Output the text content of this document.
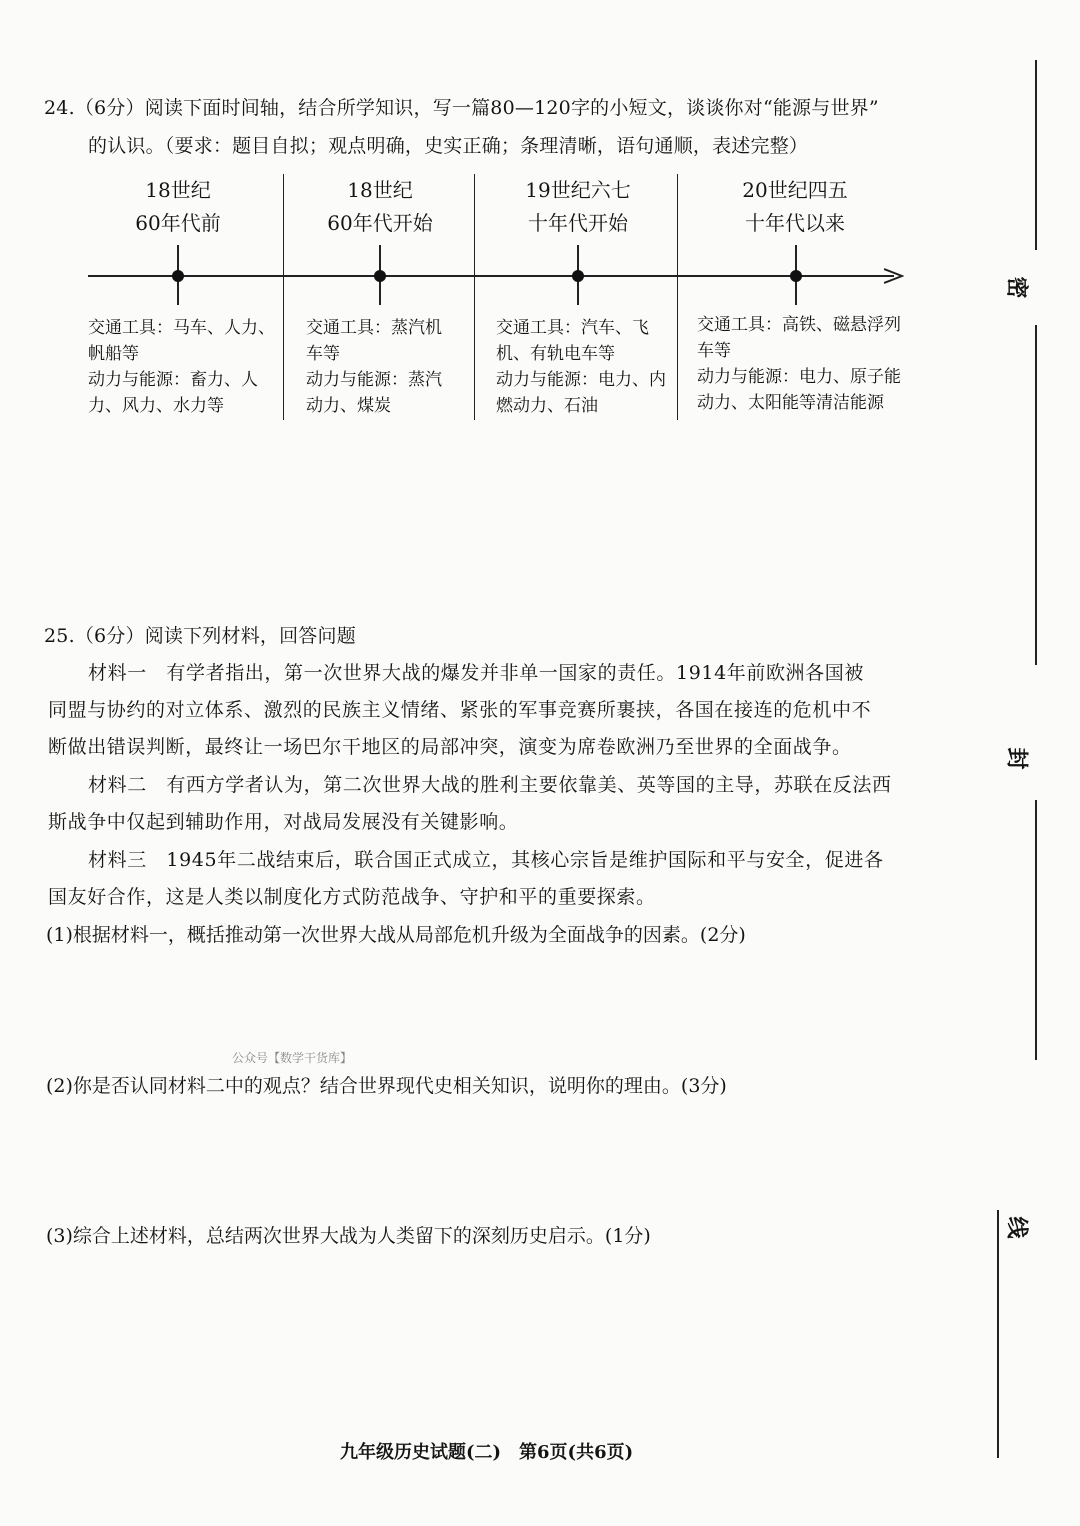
24.（6分）阅读下面时间轴，结合所学知识，写一篇80—120字的小短文，谈谈你对“能源与世界”
的认识。（要求：题目自拟；观点明确，史实正确；条理清晰，语句通顺，表述完整）
18世纪
60年代前
交通工具：马车、人力、
帆船等
动力与能源：畜力、人
力、风力、水力等
18世纪
60年代开始
交通工具：蒸汽机
车等
动力与能源：蒸汽
动力、煤炭
19世纪六七
十年代开始
交通工具：汽车、飞
机、有轨电车等
动力与能源：电力、内
燃动力、石油
20世纪四五
十年代以来
交通工具：高铁、磁悬浮列
车等
动力与能源：电力、原子能
动力、太阳能等清洁能源
25.（6分）阅读下列材料，回答问题
材料一　有学者指出，第一次世界大战的爆发并非单一国家的责任。1914年前欧洲各国被
同盟与协约的对立体系、激烈的民族主义情绪、紧张的军事竞赛所裹挟，各国在接连的危机中不
断做出错误判断，最终让一场巴尔干地区的局部冲突，演变为席卷欧洲乃至世界的全面战争。
材料二　有西方学者认为，第二次世界大战的胜利主要依靠美、英等国的主导，苏联在反法西
斯战争中仅起到辅助作用，对战局发展没有关键影响。
材料三　1945年二战结束后，联合国正式成立，其核心宗旨是维护国际和平与安全，促进各
国友好合作，这是人类以制度化方式防范战争、守护和平的重要探索。
(1)根据材料一，概括推动第一次世界大战从局部危机升级为全面战争的因素。(2分)
公众号【数学干货库】
(2)你是否认同材料二中的观点？结合世界现代史相关知识，说明你的理由。(3分)
(3)综合上述材料，总结两次世界大战为人类留下的深刻历史启示。(1分)
密
封
线
九年级历史试题(二)　第6页(共6页)
